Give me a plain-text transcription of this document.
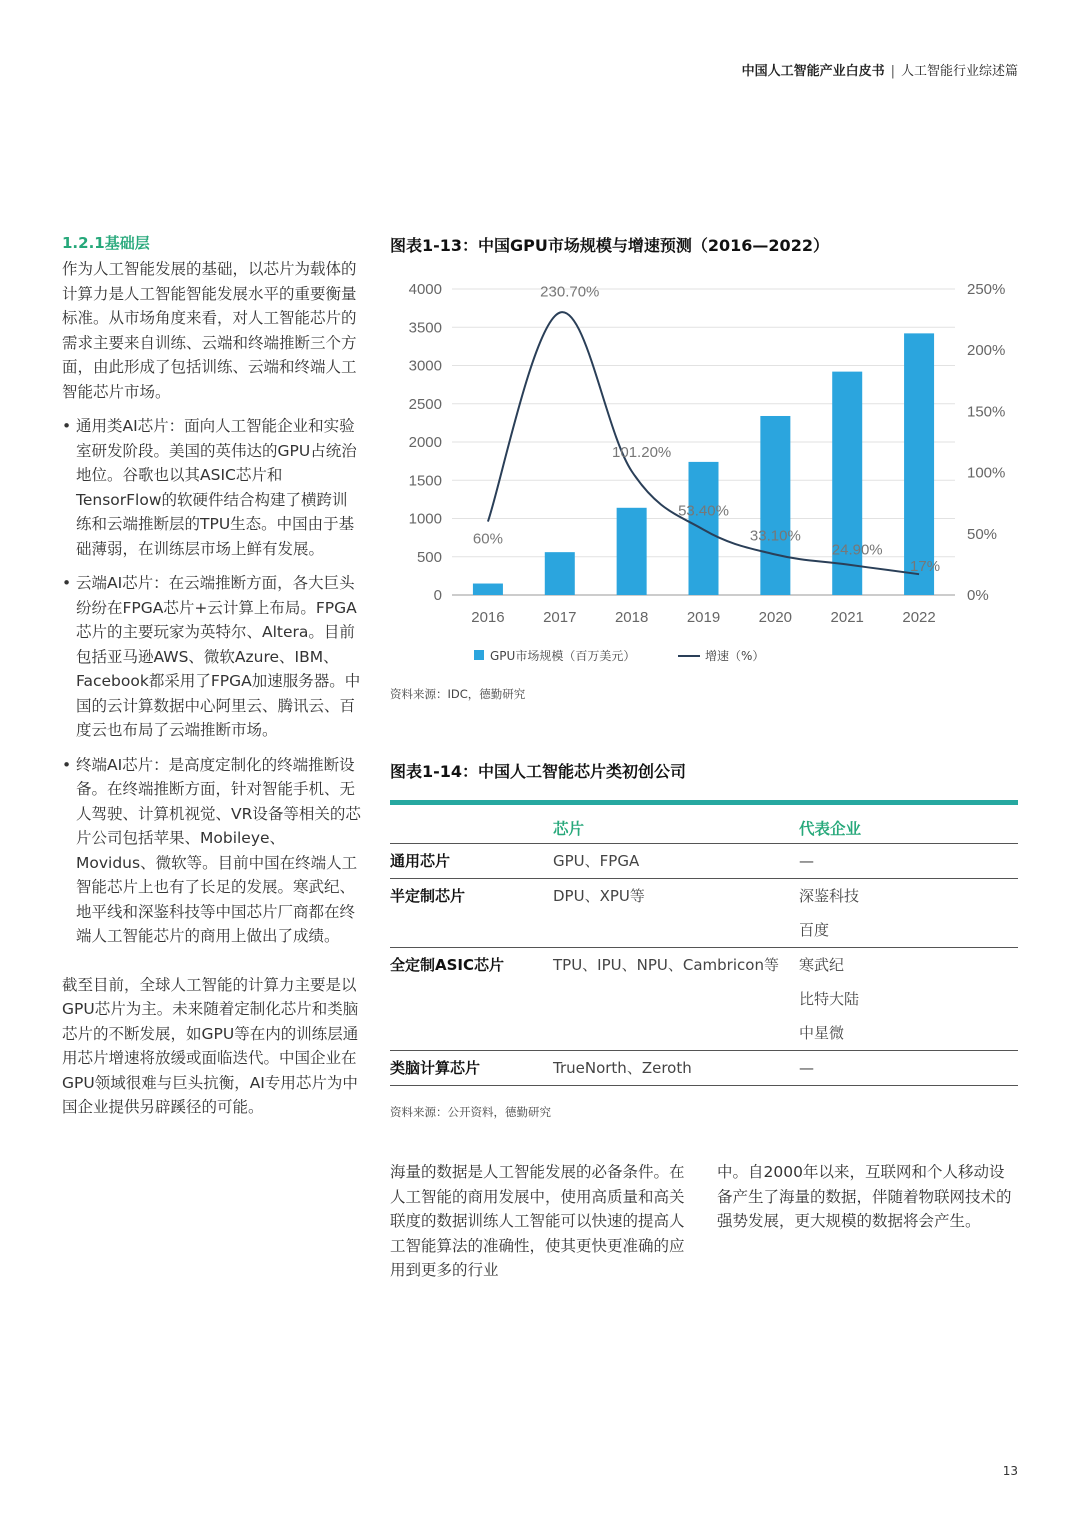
中国人工智能产业白皮书 | 人工智能行业综述篇
1.2.1基础层

作为人工智能发展的基础，以芯片为载体的计算力是人工智能智能发展水平的重要衡量标准。从市场角度来看，对人工智能芯片的需求主要来自训练、云端和终端推断三个方面，由此形成了包括训练、云端和终端人工智能芯片市场。

• 通用类AI芯片：面向人工智能企业和实验室研发阶段。美国的英伟达的GPU占统治地位。谷歌也以其ASIC芯片和TensorFlow的软硬件结合构建了横跨训练和云端推断层的TPU生态。中国由于基础薄弱，在训练层市场上鲜有发展。
• 云端AI芯片：在云端推断方面，各大巨头纷纷在FPGA芯片+云计算上布局。FPGA芯片的主要玩家为英特尔、Altera。目前包括亚马逊AWS、微软Azure、IBM、Facebook都采用了FPGA加速服务器。中国的云计算数据中心阿里云、腾讯云、百度云也布局了云端推断市场。
• 终端AI芯片：是高度定制化的终端推断设备。在终端推断方面，针对智能手机、无人驾驶、计算机视觉、VR设备等相关的芯片公司包括苹果、Mobileye、Movidus、微软等。目前中国在终端人工智能芯片上也有了长足的发展。寒武纪、地平线和深鉴科技等中国芯片厂商都在终端人工智能芯片的商用上做出了成绩。

截至目前，全球人工智能的计算力主要是以GPU芯片为主。未来随着定制化芯片和类脑芯片的不断发展，如GPU等在内的训练层通用芯片增速将放缓或面临迭代。中国企业在GPU领域很难与巨头抗衡，AI专用芯片为中国企业提供另辟蹊径的可能。

图表1-13：中国GPU市场规模与增速预测（2016—2022）
0
500
1000
1500
2000
2500
3000
3500
4000
0%
50%
100%
150%
200%
250%
2016	2017	2018	2019	2020	2021	2022
60%
230.70%
101.20%
53.40%
33.10%
24.90%
17%
GPU市场规模（百万美元）	增速（%）
资料来源：IDC，德勤研究
图表1-14：中国人工智能芯片类初创公司
	芯片	代表企业
通用芯片	GPU、FPGA	—
半定制芯片	DPU、XPU等	深鉴科技
		百度
全定制ASIC芯片	TPU、IPU、NPU、Cambricon等	寒武纪
		比特大陆
		中星微
类脑计算芯片	TrueNorth、Zeroth	—
资料来源：公开资料，德勤研究
海量的数据是人工智能发展的必备条件。在人工智能的商用发展中，使用高质量和高关联度的数据训练人工智能可以快速的提高人工智能算法的准确性，使其更快更准确的应用到更多的行业
中。自2000年以来，互联网和个人移动设备产生了海量的数据，伴随着物联网技术的强势发展，更大规模的数据将会产生。
13
